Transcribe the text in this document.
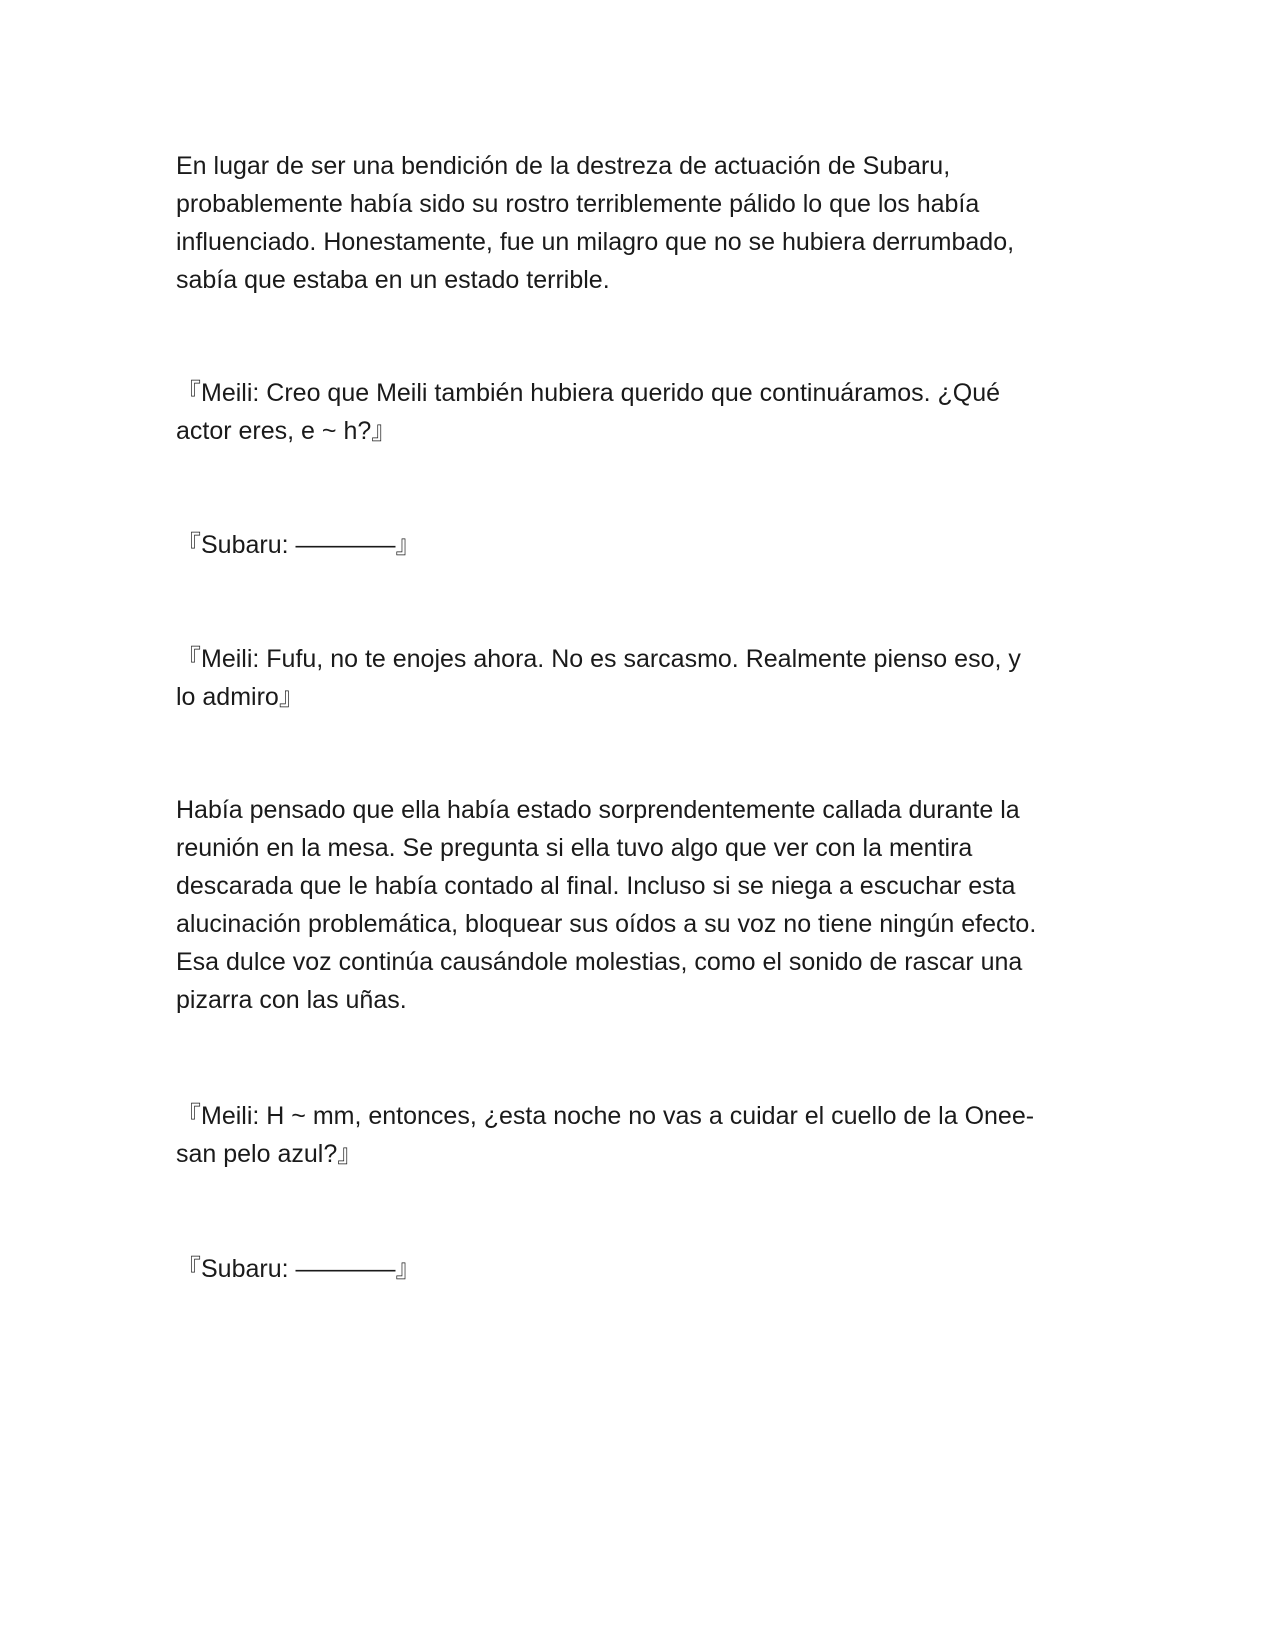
En lugar de ser una bendición de la destreza de actuación de Subaru,
probablemente había sido su rostro terriblemente pálido lo que los había
influenciado. Honestamente, fue un milagro que no se hubiera derrumbado,
sabía que estaba en un estado terrible.

『Meili: Creo que Meili también hubiera querido que continuáramos. ¿Qué
actor eres, e ~ h?』

『Subaru: ————』

『Meili: Fufu, no te enojes ahora. No es sarcasmo. Realmente pienso eso, y
lo admiro』

Había pensado que ella había estado sorprendentemente callada durante la
reunión en la mesa. Se pregunta si ella tuvo algo que ver con la mentira
descarada que le había contado al final. Incluso si se niega a escuchar esta
alucinación problemática, bloquear sus oídos a su voz no tiene ningún efecto.
Esa dulce voz continúa causándole molestias, como el sonido de rascar una
pizarra con las uñas.

『Meili: H ~ mm, entonces, ¿esta noche no vas a cuidar el cuello de la Onee-
san pelo azul?』

『Subaru: ————』
